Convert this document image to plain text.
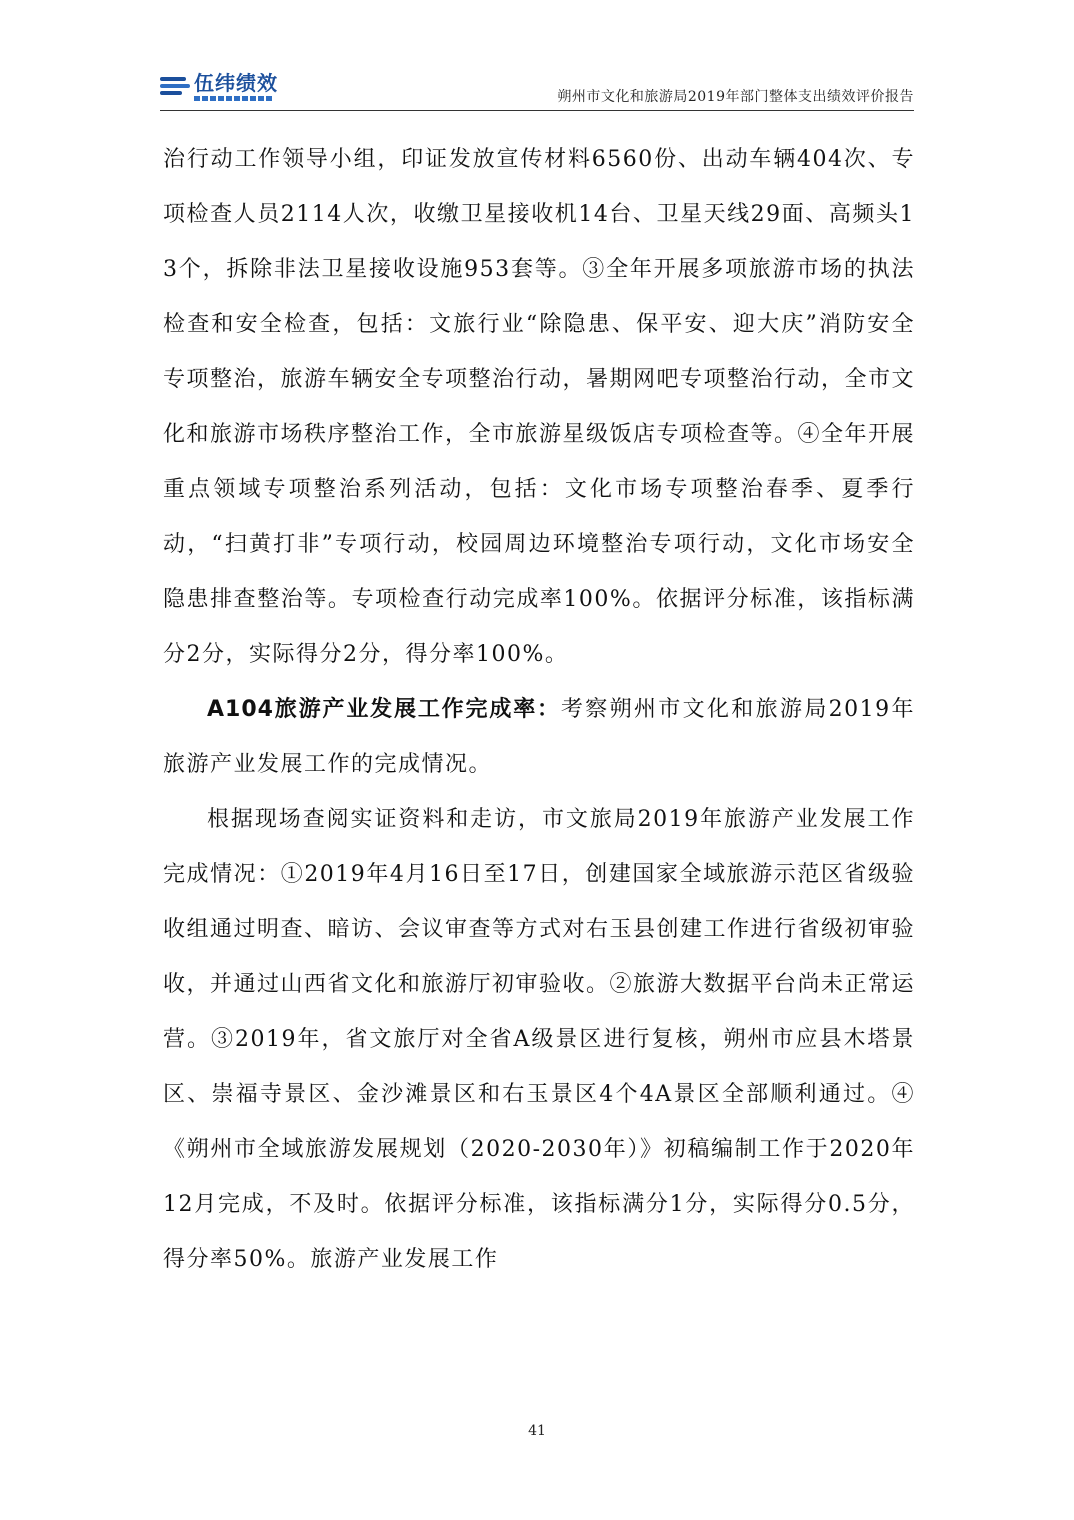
伍纬绩效
朔州市文化和旅游局2019年部门整体支出绩效评价报告

治行动工作领导小组，印证发放宣传材料6560份、出动车辆404次、专项检查人员2114人次，收缴卫星接收机14台、卫星天线29面、高频头13个，拆除非法卫星接收设施953套等。③全年开展多项旅游市场的执法检查和安全检查，包括：文旅行业“除隐患、保平安、迎大庆”消防安全专项整治，旅游车辆安全专项整治行动，暑期网吧专项整治行动，全市文化和旅游市场秩序整治工作，全市旅游星级饭店专项检查等。④全年开展重点领域专项整治系列活动，包括：文化市场专项整治春季、夏季行动，“扫黄打非”专项行动，校园周边环境整治专项行动，文化市场安全隐患排查整治等。专项检查行动完成率100%。依据评分标准，该指标满分2分，实际得分2分，得分率100%。

A104旅游产业发展工作完成率：考察朔州市文化和旅游局2019年旅游产业发展工作的完成情况。

根据现场查阅实证资料和走访，市文旅局2019年旅游产业发展工作完成情况：①2019年4月16日至17日，创建国家全域旅游示范区省级验收组通过明查、暗访、会议审查等方式对右玉县创建工作进行省级初审验收，并通过山西省文化和旅游厅初审验收。②旅游大数据平台尚未正常运营。③2019年，省文旅厅对全省A级景区进行复核，朔州市应县木塔景区、崇福寺景区、金沙滩景区和右玉景区4个4A景区全部顺利通过。④《朔州市全域旅游发展规划（2020-2030年）》初稿编制工作于2020年12月完成，不及时。依据评分标准，该指标满分1分，实际得分0.5分，得分率50%。旅游产业发展工作

41
